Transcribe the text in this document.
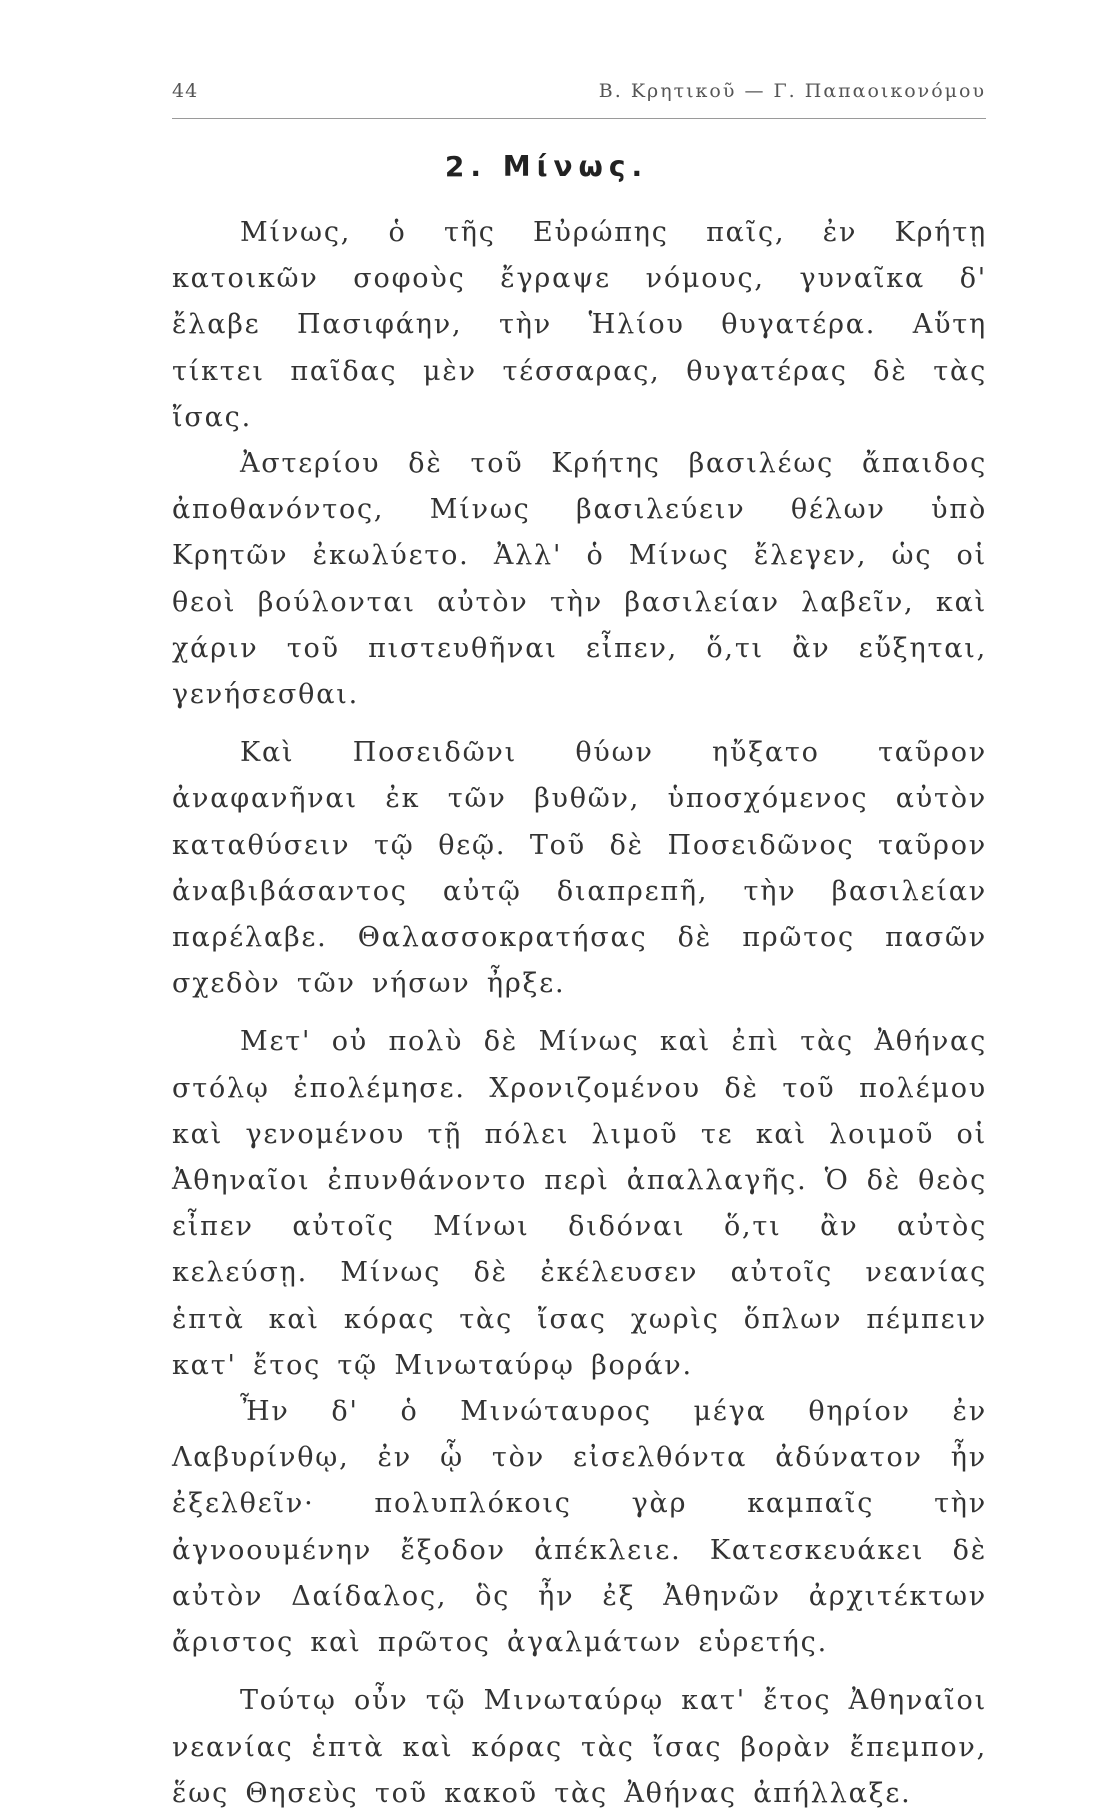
44	Β. Κρητικοῦ — Γ. Παπαοικονόμου
2. Μίνως.

Μίνως, ὁ τῆς Εὐρώπης παῖς, ἐν Κρήτῃ κατοικῶν σοφοὺς ἔγραψε νόμους, γυναῖκα δ' ἔλαβε Πασιφάην, τὴν Ἡλίου θυγατέρα. Αὕτη τίκτει παῖδας μὲν τέσσαρας, θυγατέρας δὲ τὰς ἴσας.

Ἀστερίου δὲ τοῦ Κρήτης βασιλέως ἄπαιδος ἀποθανόντος, Μίνως βασιλεύειν θέλων ὑπὸ Κρητῶν ἐκωλύετο. Ἀλλ' ὁ Μίνως ἔλεγεν, ὡς οἱ θεοὶ βούλονται αὐτὸν τὴν βασιλείαν λαβεῖν, καὶ χάριν τοῦ πιστευθῆναι εἶπεν, ὅ,τι ἂν εὔξηται, γενήσεσθαι.

Καὶ Ποσειδῶνι θύων ηὔξατο ταῦρον ἀναφανῆναι ἐκ τῶν βυθῶν, ὑποσχόμενος αὐτὸν καταθύσειν τῷ θεῷ. Τοῦ δὲ Ποσειδῶνος ταῦρον ἀναβιβάσαντος αὐτῷ διαπρεπῆ, τὴν βασιλείαν παρέλαβε. Θαλασσοκρατήσας δὲ πρῶτος πασῶν σχεδὸν τῶν νήσων ἦρξε.

Μετ' οὐ πολὺ δὲ Μίνως καὶ ἐπὶ τὰς Ἀθήνας στόλῳ ἐπολέμησε. Χρονιζομένου δὲ τοῦ πολέμου καὶ γενομένου τῇ πόλει λιμοῦ τε καὶ λοιμοῦ οἱ Ἀθηναῖοι ἐπυνθάνοντο περὶ ἀπαλλαγῆς. Ὁ δὲ θεὸς εἶπεν αὐτοῖς Μίνωι διδόναι ὅ,τι ἂν αὐτὸς κελεύσῃ. Μίνως δὲ ἐκέλευσεν αὐτοῖς νεανίας ἑπτὰ καὶ κόρας τὰς ἴσας χωρὶς ὅπλων πέμπειν κατ' ἔτος τῷ Μινωταύρῳ βοράν.

Ἦν δ' ὁ Μινώταυρος μέγα θηρίον ἐν Λαβυρίνθῳ, ἐν ᾧ τὸν εἰσελθόντα ἀδύνατον ἦν ἐξελθεῖν· πολυπλόκοις γὰρ καμπαῖς τὴν ἀγνοουμένην ἔξοδον ἀπέκλειε. Κατεσκευάκει δὲ αὐτὸν Δαίδαλος, ὃς ἦν ἐξ Ἀθηνῶν ἀρχιτέκτων ἄριστος καὶ πρῶτος ἀγαλμάτων εὑρετής.

Τούτῳ οὖν τῷ Μινωταύρῳ κατ' ἔτος Ἀθηναῖοι νεανίας ἑπτὰ καὶ κόρας τὰς ἴσας βορὰν ἔπεμπον, ἕως Θησεὺς τοῦ κακοῦ τὰς Ἀθήνας ἀπήλλαξε.
